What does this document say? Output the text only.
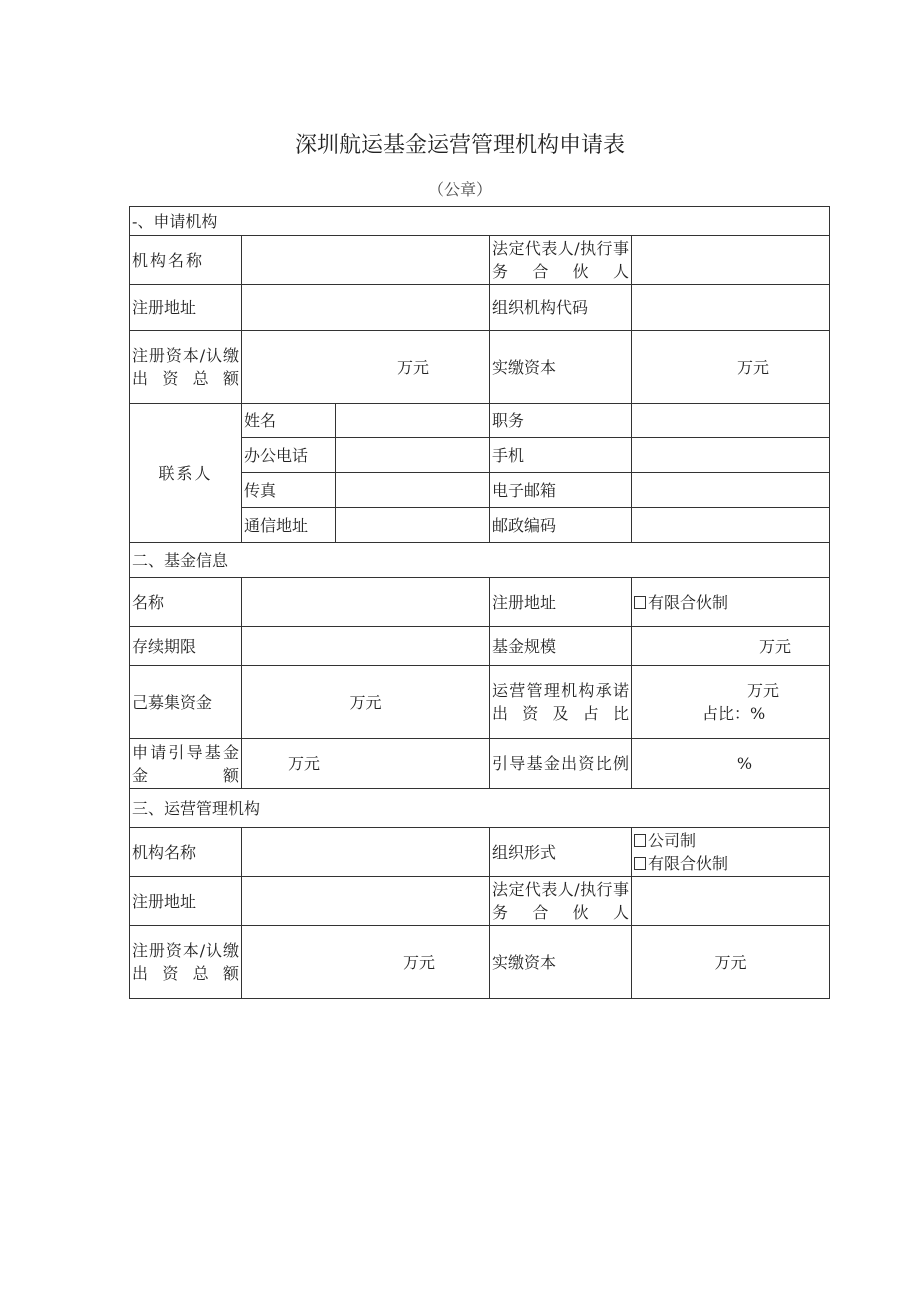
深圳航运基金运营管理机构申请表
（公章）
-、申请机构				
机构名称			法定代表人/执行事务合伙人	
注册地址			组织机构代码	
注册资本/认缴出资总额	万元		实缴资本	万元
联系人	姓名		职务	
	办公电话		手机	
	传真		电子邮箱	
	通信地址		邮政编码	
二、基金信息				
名称			注册地址	有限合伙制
存续期限			基金规模	万元
己募集资金	万元		运营管理机构承诺出资及占比	万元
占比：%

申请引导基金金额	万元		引导基金出资比例	%
三、运营管理机构				
机构名称			组织形式	公司制
有限合伙制

注册地址			法定代表人/执行事务合伙人	
注册资本/认缴出资总额	万元		实缴资本	万元
